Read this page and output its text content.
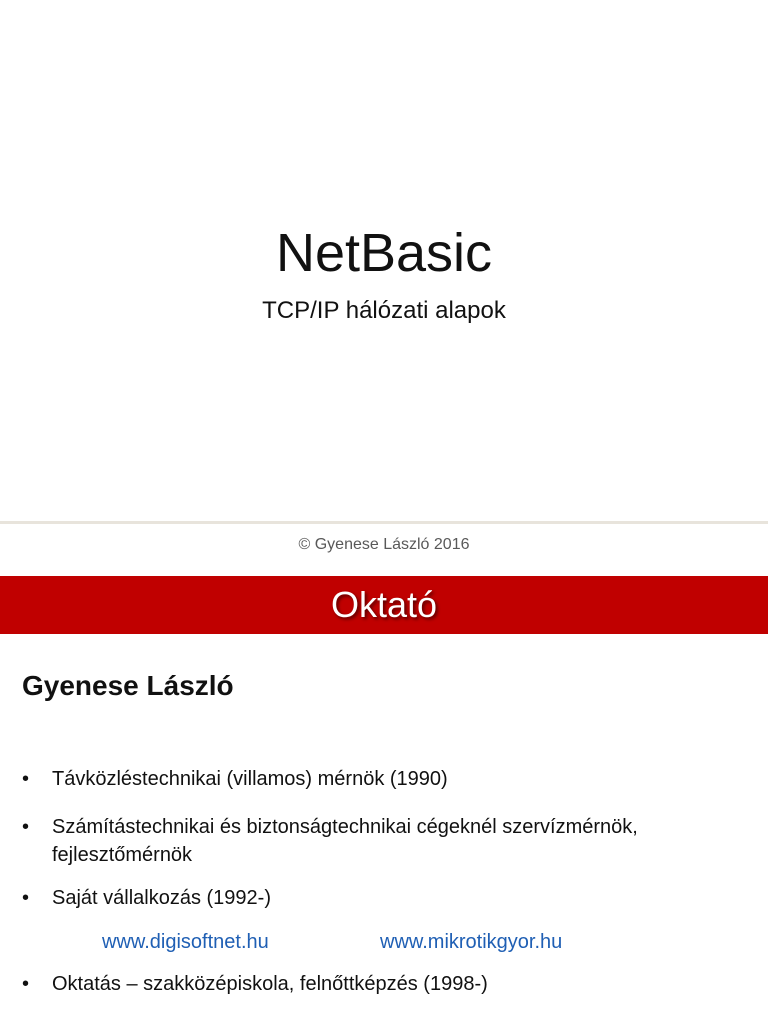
NetBasic
TCP/IP hálózati alapok
© Gyenese László 2016
Oktató
Gyenese László
•	Távközléstechnikai (villamos) mérnök (1990)
•	Számítástechnikai és biztonságtechnikai cégeknél szervízmérnök, fejlesztőmérnök
•	Saját vállalkozás (1992-)
•	Oktatás – szakközépiskola, felnőttképzés (1998-)
www.digisoftnet.hu	www.mikrotikgyor.hu
